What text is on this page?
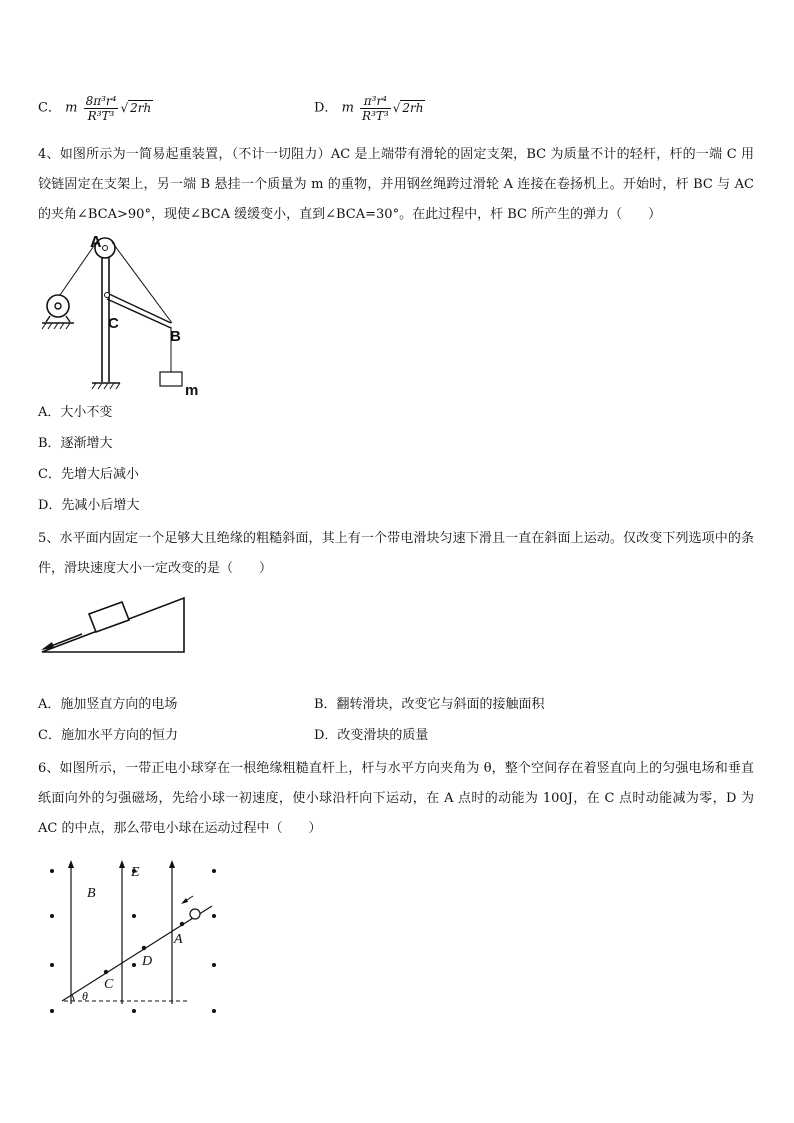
C． m $\frac{\text{8π³r⁴}}{\text{R³T³}}$ √ 2rh	D． m $\frac{\text{π³r⁴}}{\text{R³T³}}$ √ 2rh
4、如图所示为一简易起重装置，（不计一切阻力）AC 是上端带有滑轮的固定支架，BC 为质量不计的轻杆，杆的一端 C 用铰链固定在支架上，另一端 B 悬挂一个质量为 m 的重物，并用钢丝绳跨过滑轮 A 连接在卷扬机上。开始时，杆 BC 与 AC 的夹角∠BCA>90°，现使∠BCA 缓缓变小，直到∠BCA=30°。在此过程中，杆 BC 所产生的弹力（　　）
A
C
B
m
A．大小不变
B．逐渐增大
C．先增大后减小
D．先减小后增大
5、水平面内固定一个足够大且绝缘的粗糙斜面，其上有一个带电滑块匀速下滑且一直在斜面上运动。仅改变下列选项中的条件，滑块速度大小一定改变的是（　　）
A．施加竖直方向的电场	B．翻转滑块，改变它与斜面的接触面积
C．施加水平方向的恒力	D．改变滑块的质量
6、如图所示，一带正电小球穿在一根绝缘粗糙直杆上，杆与水平方向夹角为 θ，整个空间存在着竖直向上的匀强电场和垂直纸面向外的匀强磁场，先给小球一初速度，使小球沿杆向下运动，在 A 点时的动能为 100J，在 C 点时动能减为零，D 为 AC 的中点，那么带电小球在运动过程中（　　）
E
B
A
D
C
θ
